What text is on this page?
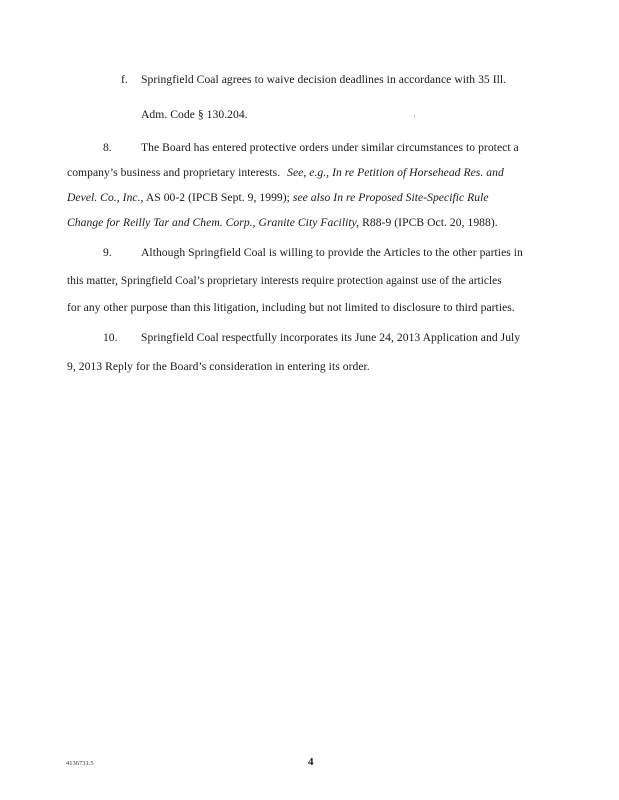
f. Springfield Coal agrees to waive decision deadlines in accordance with 35 Ill.
Adm. Code § 130.204.
8.	The Board has entered protective orders under similar circumstances to protect a
company’s business and proprietary interests. See, e.g., In re Petition of Horsehead Res. and
Devel. Co., Inc., AS 00-2 (IPCB Sept. 9, 1999); see also In re Proposed Site-Specific Rule
Change for Reilly Tar and Chem. Corp., Granite City Facility, R88-9 (IPCB Oct. 20, 1988).
9.	Although Springfield Coal is willing to provide the Articles to the other parties in
this matter, Springfield Coal’s proprietary interests require protection against use of the articles
for any other purpose than this litigation, including but not limited to disclosure to third parties.
10. Springfield Coal respectfully incorporates its June 24, 2013 Application and July
9, 2013 Reply for the Board’s consideration in entering its order.
4136731.5	4
